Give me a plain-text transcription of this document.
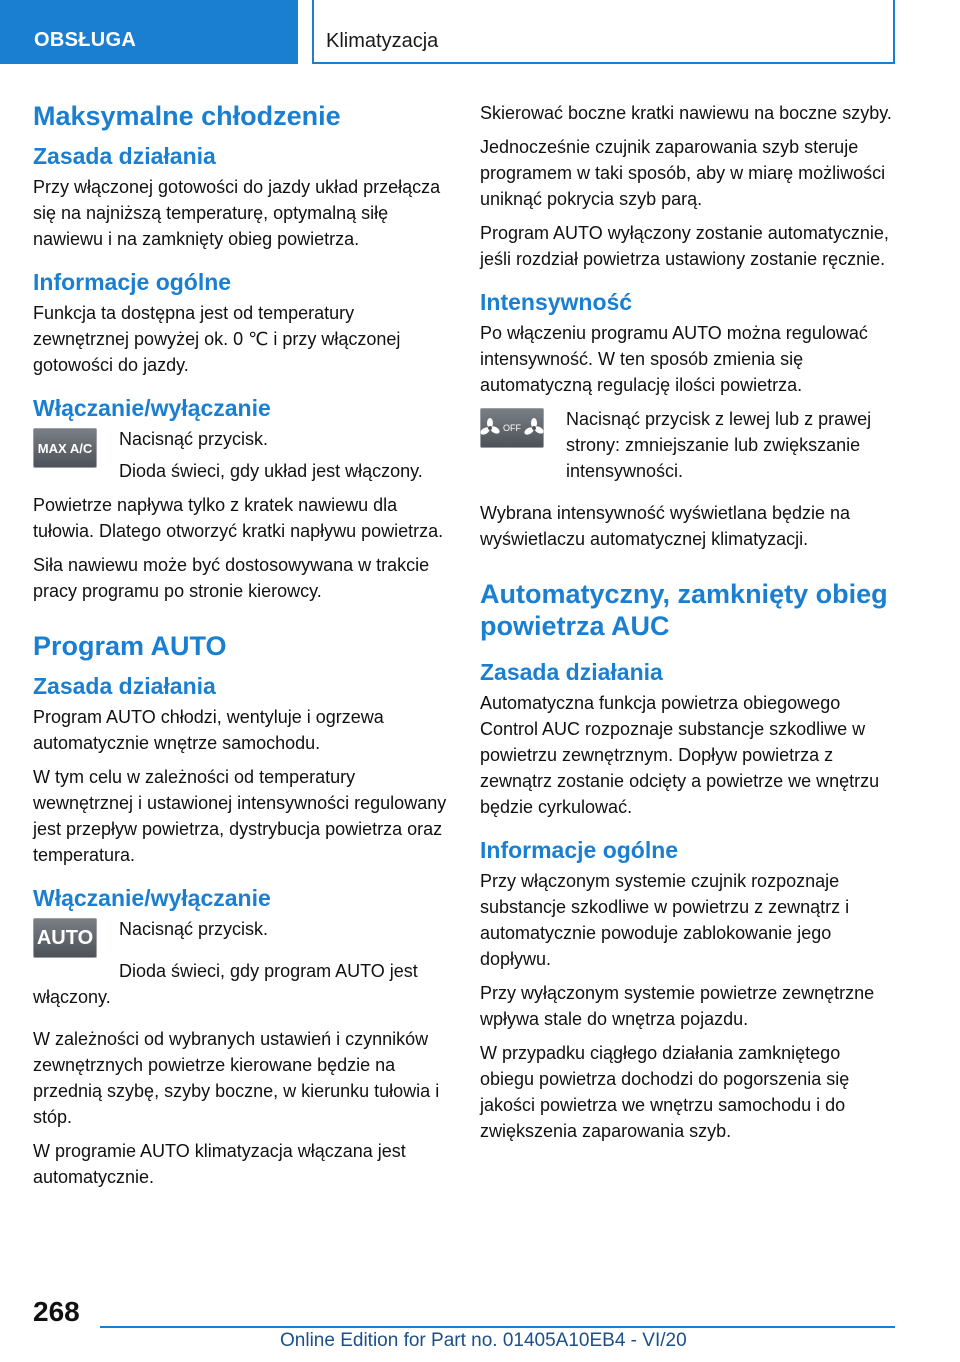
OBSŁUGA	Klimatyzacja
Maksymalne chłodzenie
Zasada działania

Przy włączonej gotowości do jazdy układ przełącza się na najniższą temperaturę, optymalną siłę nawiewu i na zamknięty obieg powietrza.

Informacje ogólne

Funkcja ta dostępna jest od temperatury zewnętrznej powyżej ok. 0 ℃ i przy włączonej gotowości do jazdy.

Włączanie/wyłączanie
MAX A/C Nacisnąć przycisk.

Dioda świeci, gdy układ jest włączony.

Powietrze napływa tylko z kratek nawiewu dla tułowia. Dlatego otworzyć kratki napływu powietrza.

Siła nawiewu może być dostosowywana w trakcie pracy programu po stronie kierowcy.

Program AUTO
Zasada działania

Program AUTO chłodzi, wentyluje i ogrzewa automatycznie wnętrze samochodu.

W tym celu w zależności od temperatury wewnętrznej i ustawionej intensywności regulowany jest przepływ powietrza, dystrybucja powietrza oraz temperatura.

Włączanie/wyłączanie
AUTO Nacisnąć przycisk.

Dioda świeci, gdy program AUTO jest włączony.

W zależności od wybranych ustawień i czynników zewnętrznych powietrze kierowane będzie na przednią szybę, szyby boczne, w kierunku tułowia i stóp.

W programie AUTO klimatyzacja włączana jest automatycznie.

Skierować boczne kratki nawiewu na boczne szyby.

Jednocześnie czujnik zaparowania szyb steruje programem w taki sposób, aby w miarę możliwości uniknąć pokrycia szyb parą.

Program AUTO wyłączony zostanie automatycznie, jeśli rozdział powietrza ustawiony zostanie ręcznie.

Intensywność

Po włączeniu programu AUTO można regulować intensywność. W ten sposób zmienia się automatyczną regulację ilości powietrza.

OFF	Nacisnąć przycisk z lewej lub z prawej strony: zmniejszanie lub zwiększanie intensywności.

Wybrana intensywność wyświetlana będzie na wyświetlaczu automatycznej klimatyzacji.

Automatyczny, zamknięty obieg powietrza AUC
Zasada działania

Automatyczna funkcja powietrza obiegowego Control AUC rozpoznaje substancje szkodliwe w powietrzu zewnętrznym. Dopływ powietrza z zewnątrz zostanie odcięty a powietrze we wnętrzu będzie cyrkulować.

Informacje ogólne

Przy włączonym systemie czujnik rozpoznaje substancje szkodliwe w powietrzu z zewnątrz i automatycznie powoduje zablokowanie jego dopływu.

Przy wyłączonym systemie powietrze zewnętrzne wpływa stale do wnętrza pojazdu.

W przypadku ciągłego działania zamkniętego obiegu powietrza dochodzi do pogorszenia się jakości powietrza we wnętrzu samochodu i do zwiększenia zaparowania szyb.

268
Online Edition for Part no. 01405A10EB4 - VI/20
